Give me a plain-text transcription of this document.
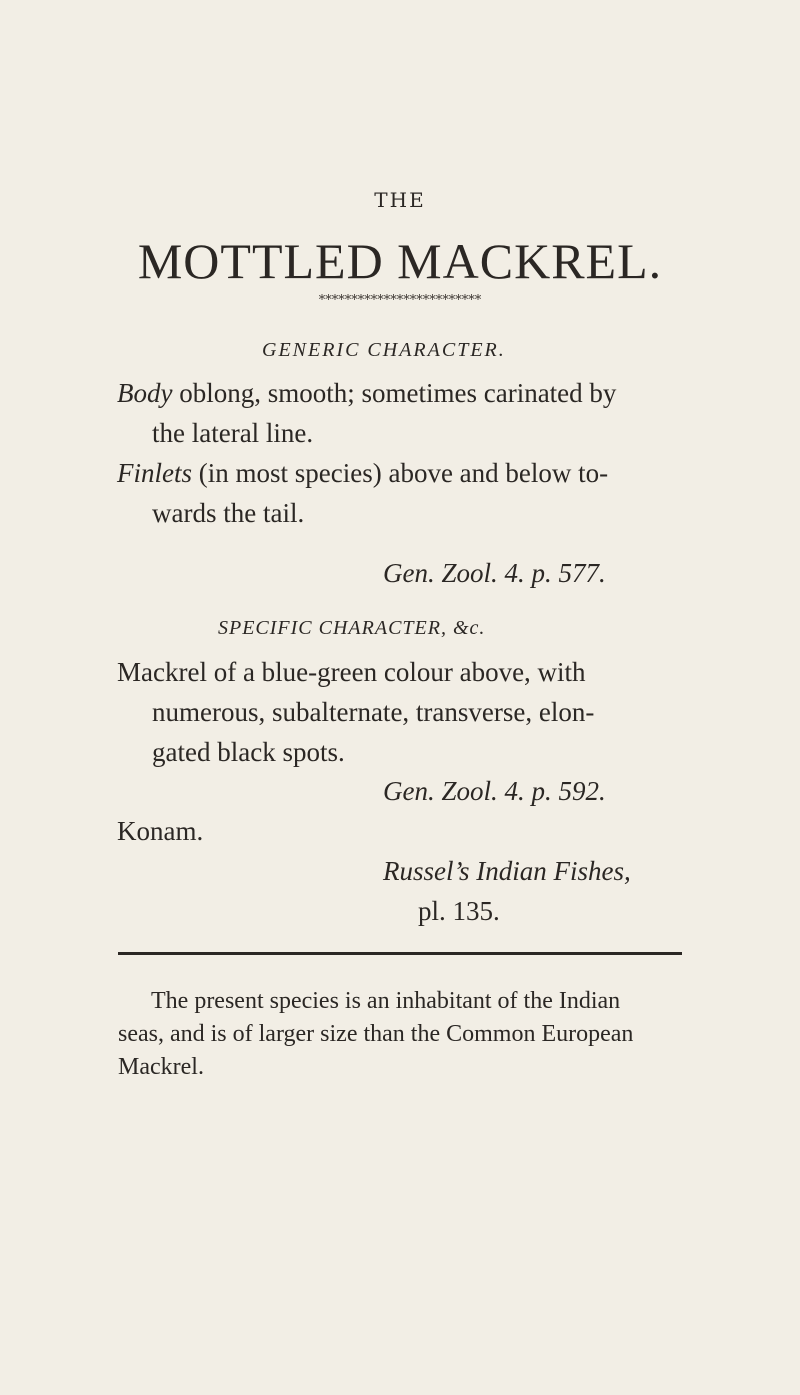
THE
MOTTLED MACKREL.
*************************
GENERIC CHARACTER.
Body oblong, smooth; sometimes carinated by
the lateral line.
Finlets (in most species) above and below to-
wards the tail.
Gen. Zool. 4. p. 577.
SPECIFIC CHARACTER, &c.
Mackrel of a blue-green colour above, with
numerous, subalternate, transverse, elon-
gated black spots.
Gen. Zool. 4. p. 592.
Konam.
Russel’s Indian Fishes,
pl. 135.
The present species is an inhabitant of the Indian
seas, and is of larger size than the Common European
Mackrel.
